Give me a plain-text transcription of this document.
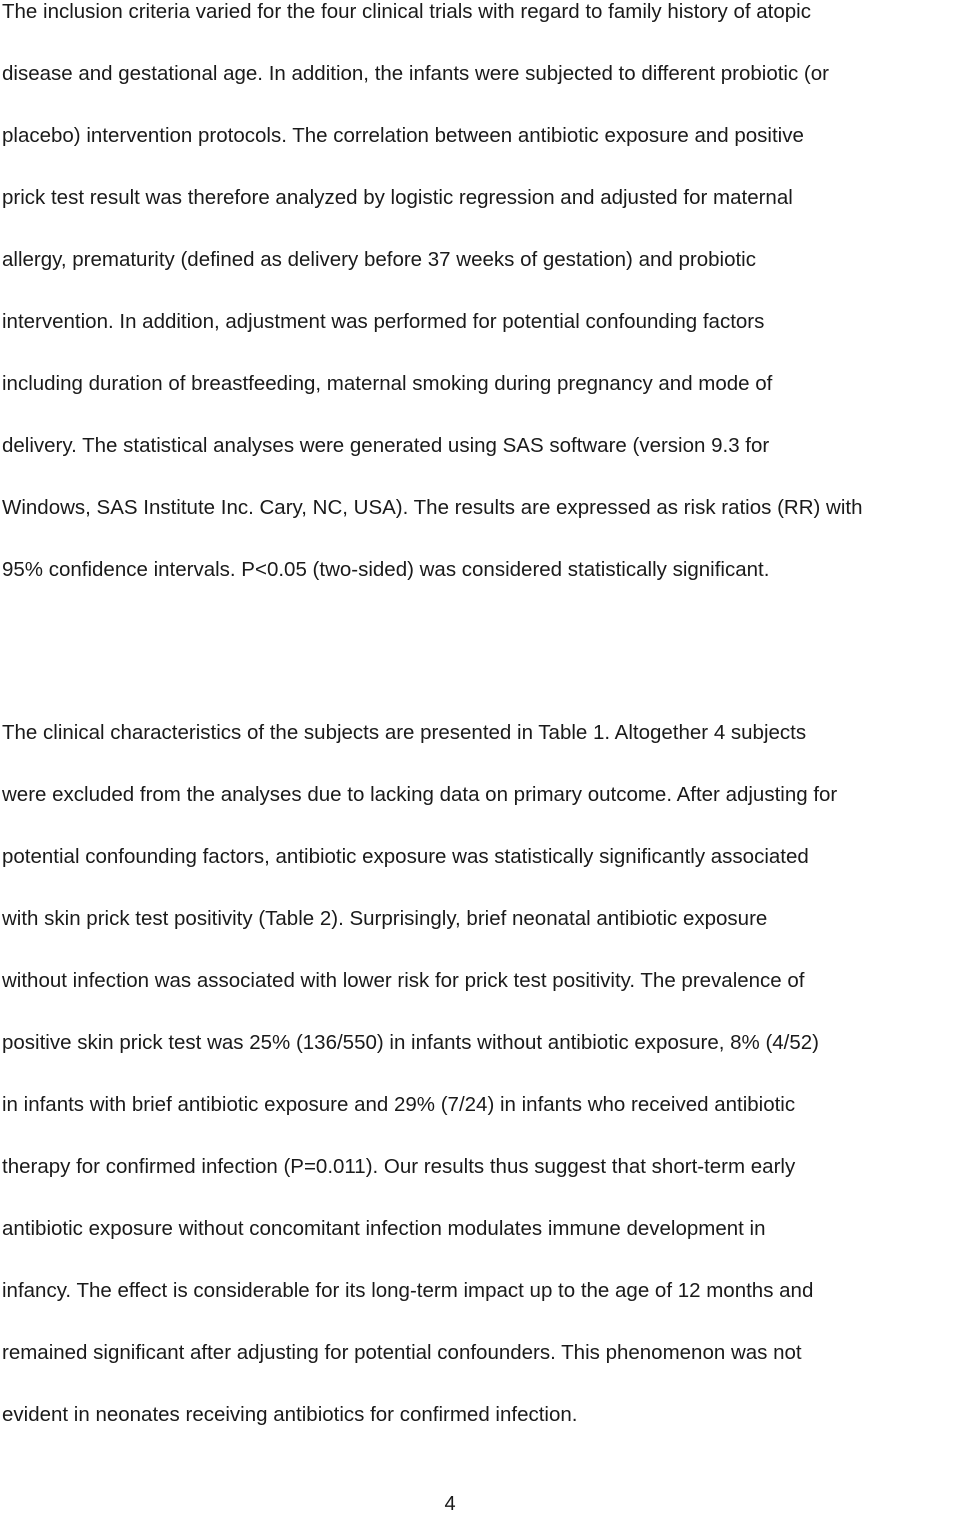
The inclusion criteria varied for the four clinical trials with regard to family history of atopic
disease and gestational age. In addition, the infants were subjected to different probiotic (or
placebo) intervention protocols. The correlation between antibiotic exposure and positive
prick test result was therefore analyzed by logistic regression and adjusted for maternal
allergy, prematurity (defined as delivery before 37 weeks of gestation) and probiotic
intervention. In addition, adjustment was performed for potential confounding factors
including duration of breastfeeding, maternal smoking during pregnancy and mode of
delivery. The statistical analyses were generated using SAS software (version 9.3 for
Windows, SAS Institute Inc. Cary, NC, USA). The results are expressed as risk ratios (RR) with
95% confidence intervals. P<0.05 (two-sided) was considered statistically significant.

The clinical characteristics of the subjects are presented in Table 1. Altogether 4 subjects
were excluded from the analyses due to lacking data on primary outcome. After adjusting for
potential confounding factors, antibiotic exposure was statistically significantly associated
with skin prick test positivity (Table 2). Surprisingly, brief neonatal antibiotic exposure
without infection was associated with lower risk for prick test positivity. The prevalence of
positive skin prick test was 25% (136/550) in infants without antibiotic exposure, 8% (4/52)
in infants with brief antibiotic exposure and 29% (7/24) in infants who received antibiotic
therapy for confirmed infection (P=0.011). Our results thus suggest that short-term early
antibiotic exposure without concomitant infection modulates immune development in
infancy. The effect is considerable for its long-term impact up to the age of 12 months and
remained significant after adjusting for potential confounders. This phenomenon was not
evident in neonates receiving antibiotics for confirmed infection.

4
